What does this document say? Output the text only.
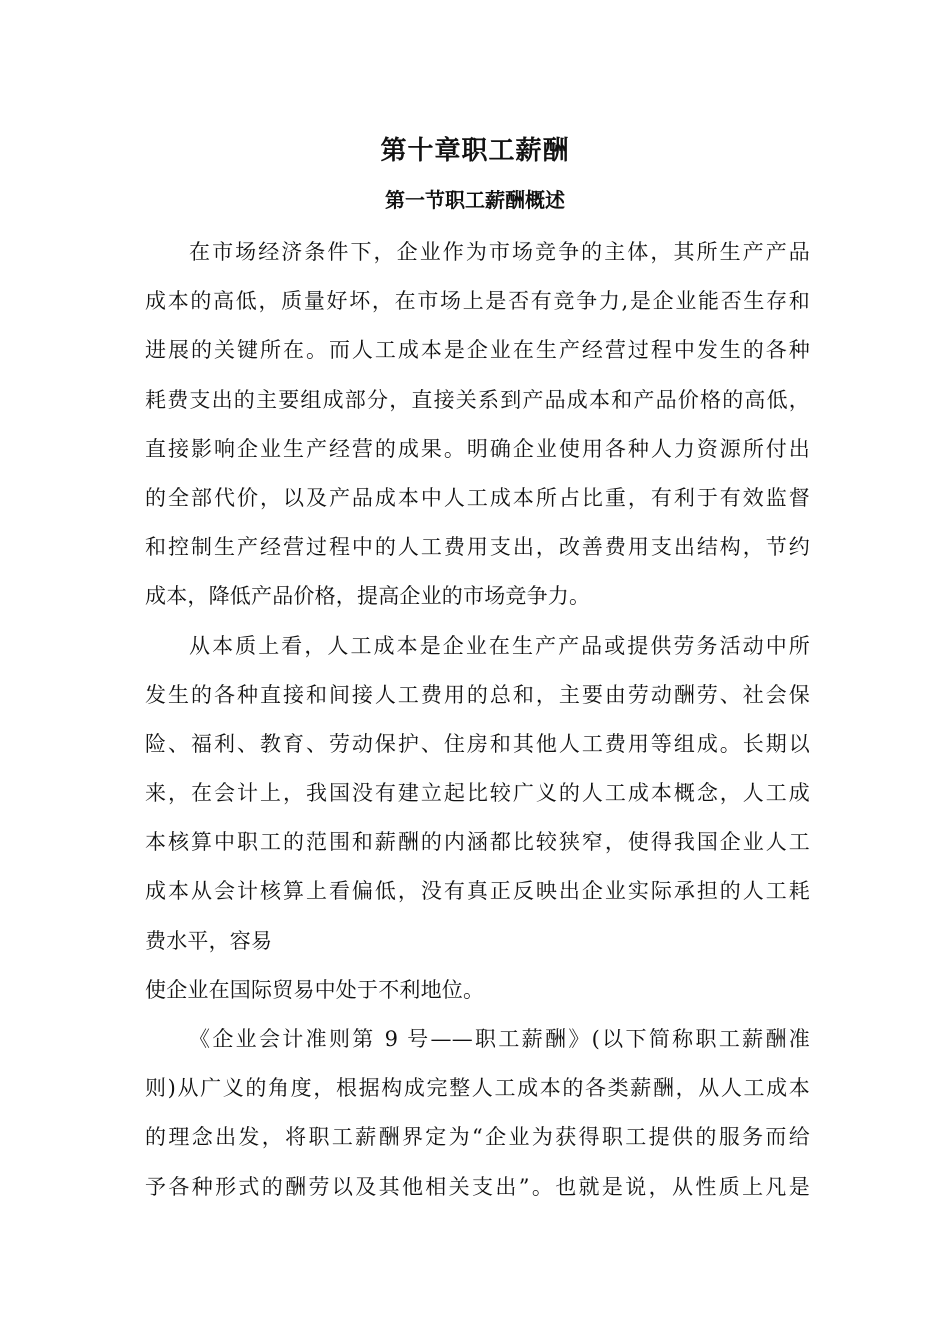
第十章职工薪酬
第一节职工薪酬概述
在市场经济条件下，企业作为市场竞争的主体，其所生产产品
成本的高低，质量好坏，在市场上是否有竞争力,是企业能否生存和
进展的关键所在。而人工成本是企业在生产经营过程中发生的各种
耗费支出的主要组成部分，直接关系到产品成本和产品价格的高低，
直接影响企业生产经营的成果。明确企业使用各种人力资源所付出
的全部代价，以及产品成本中人工成本所占比重，有利于有效监督
和控制生产经营过程中的人工费用支出，改善费用支出结构，节约
成本，降低产品价格，提高企业的市场竞争力。
从本质上看，人工成本是企业在生产产品或提供劳务活动中所
发生的各种直接和间接人工费用的总和，主要由劳动酬劳、社会保
险、福利、教育、劳动保护、住房和其他人工费用等组成。长期以
来，在会计上，我国没有建立起比较广义的人工成本概念，人工成
本核算中职工的范围和薪酬的内涵都比较狭窄，使得我国企业人工
成本从会计核算上看偏低，没有真正反映出企业实际承担的人工耗
费水平，容易
使企业在国际贸易中处于不利地位。
《企业会计准则第 9 号——职工薪酬》(以下简称职工薪酬准
则)从广义的角度，根据构成完整人工成本的各类薪酬，从人工成本
的理念出发，将职工薪酬界定为“企业为获得职工提供的服务而给
予各种形式的酬劳以及其他相关支出”。也就是说，从性质上凡是
